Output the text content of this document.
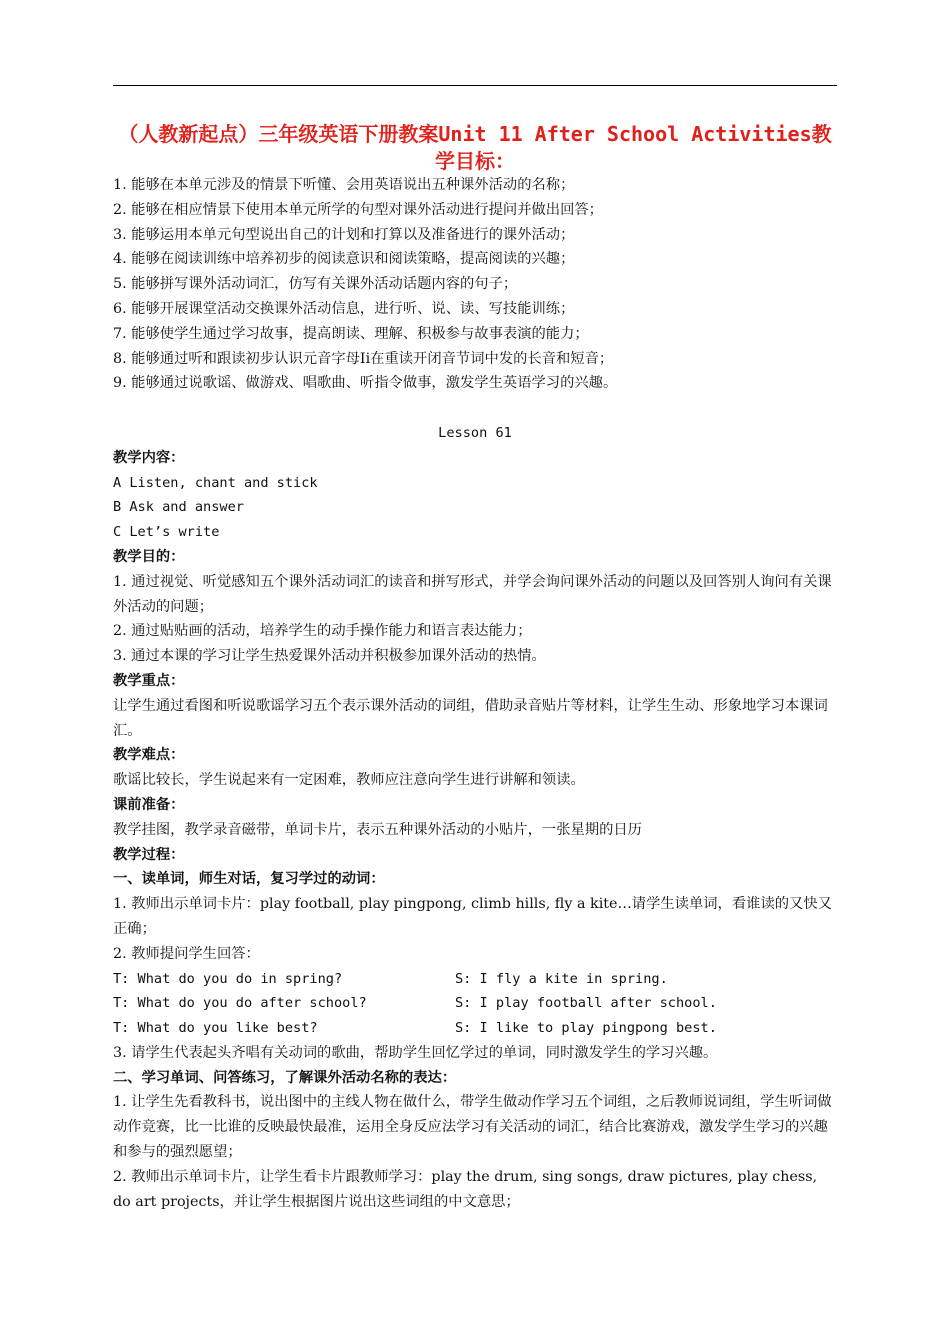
（人教新起点）三年级英语下册教案Unit 11 After School Activities教学目标：

1. 能够在本单元涉及的情景下听懂、会用英语说出五种课外活动的名称；

2. 能够在相应情景下使用本单元所学的句型对课外活动进行提问并做出回答；

3. 能够运用本单元句型说出自己的计划和打算以及准备进行的课外活动；

4. 能够在阅读训练中培养初步的阅读意识和阅读策略，提高阅读的兴趣；

5. 能够拼写课外活动词汇，仿写有关课外活动话题内容的句子；

6. 能够开展课堂活动交换课外活动信息，进行听、说、读、写技能训练；

7. 能够使学生通过学习故事，提高朗读、理解、积极参与故事表演的能力；

8. 能够通过听和跟读初步认识元音字母Ii在重读开闭音节词中发的长音和短音；

9. 能够通过说歌谣、做游戏、唱歌曲、听指令做事，激发学生英语学习的兴趣。

Lesson 61

教学内容：

A Listen, chant and stick

B Ask and answer

C Let’s write

教学目的：

1. 通过视觉、听觉感知五个课外活动词汇的读音和拼写形式，并学会询问课外活动的问题以及回答别人询问有关课外活动的问题；

2. 通过贴贴画的活动，培养学生的动手操作能力和语言表达能力；

3. 通过本课的学习让学生热爱课外活动并积极参加课外活动的热情。

教学重点：

让学生通过看图和听说歌谣学习五个表示课外活动的词组，借助录音贴片等材料，让学生生动、形象地学习本课词汇。

教学难点：

歌谣比较长，学生说起来有一定困难，教师应注意向学生进行讲解和领读。

课前准备：

教学挂图，教学录音磁带，单词卡片，表示五种课外活动的小贴片，一张星期的日历

教学过程：

一、读单词，师生对话，复习学过的动词：

1. 教师出示单词卡片：play football, play pingpong, climb hills, fly a kite…请学生读单词，看谁读的又快又正确；

2. 教师提问学生回答：

T: What do you do in spring?	S: I fly a kite in spring.
T: What do you do after school?	S: I play football after school.
T: What do you like best?	S: I like to play pingpong best.

3. 请学生代表起头齐唱有关动词的歌曲，帮助学生回忆学过的单词，同时激发学生的学习兴趣。

二、学习单词、问答练习，了解课外活动名称的表达：

1. 让学生先看教科书，说出图中的主线人物在做什么，带学生做动作学习五个词组，之后教师说词组，学生听词做动作竞赛，比一比谁的反映最快最准，运用全身反应法学习有关活动的词汇，结合比赛游戏，激发学生学习的兴趣和参与的强烈愿望；

2. 教师出示单词卡片，让学生看卡片跟教师学习：play the drum, sing songs, draw pictures, play chess, do art projects，并让学生根据图片说出这些词组的中文意思；
